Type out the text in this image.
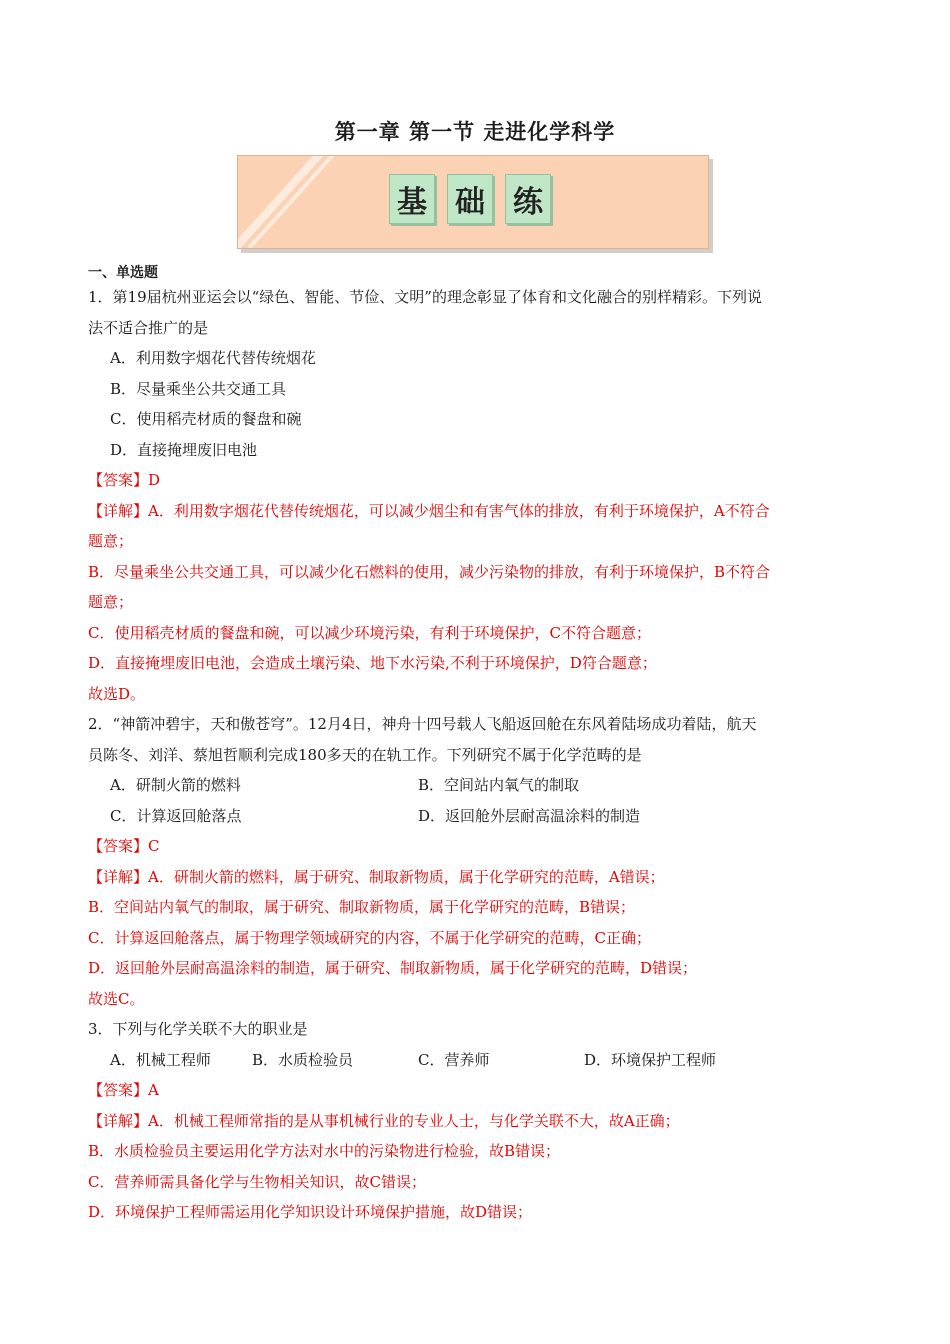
第一章 第一节 走进化学科学
基 础 练
一、单选题

1．第19届杭州亚运会以“绿色、智能、节俭、文明”的理念彰显了体育和文化融合的别样精彩。下列说

法不适合推广的是

A．利用数字烟花代替传统烟花

B．尽量乘坐公共交通工具

C．使用稻壳材质的餐盘和碗

D．直接掩埋废旧电池

【答案】D

【详解】A．利用数字烟花代替传统烟花，可以减少烟尘和有害气体的排放，有利于环境保护，A不符合

题意；

B．尽量乘坐公共交通工具，可以减少化石燃料的使用，减少污染物的排放，有利于环境保护，B不符合

题意；

C．使用稻壳材质的餐盘和碗，可以减少环境污染，有利于环境保护，C不符合题意；

D．直接掩埋废旧电池，会造成土壤污染、地下水污染,不利于环境保护，D符合题意；

故选D。

2．“神箭冲碧宇，天和傲苍穹”。12月4日，神舟十四号载人飞船返回舱在东风着陆场成功着陆，航天

员陈冬、刘洋、蔡旭哲顺利完成180多天的在轨工作。下列研究不属于化学范畴的是

A．研制火箭的燃料	B．空间站内氧气的制取
C．计算返回舱落点	D．返回舱外层耐高温涂料的制造

【答案】C

【详解】A．研制火箭的燃料，属于研究、制取新物质，属于化学研究的范畴，A错误；

B．空间站内氧气的制取，属于研究、制取新物质，属于化学研究的范畴，B错误；

C．计算返回舱落点，属于物理学领域研究的内容，不属于化学研究的范畴，C正确；

D．返回舱外层耐高温涂料的制造，属于研究、制取新物质，属于化学研究的范畴，D错误；

故选C。

3．下列与化学关联不大的职业是

A．机械工程师	B．水质检验员	C．营养师	D．环境保护工程师

【答案】A

【详解】A．机械工程师常指的是从事机械行业的专业人士，与化学关联不大，故A正确；

B．水质检验员主要运用化学方法对水中的污染物进行检验，故B错误；

C．营养师需具备化学与生物相关知识，故C错误；

D．环境保护工程师需运用化学知识设计环境保护措施，故D错误；
